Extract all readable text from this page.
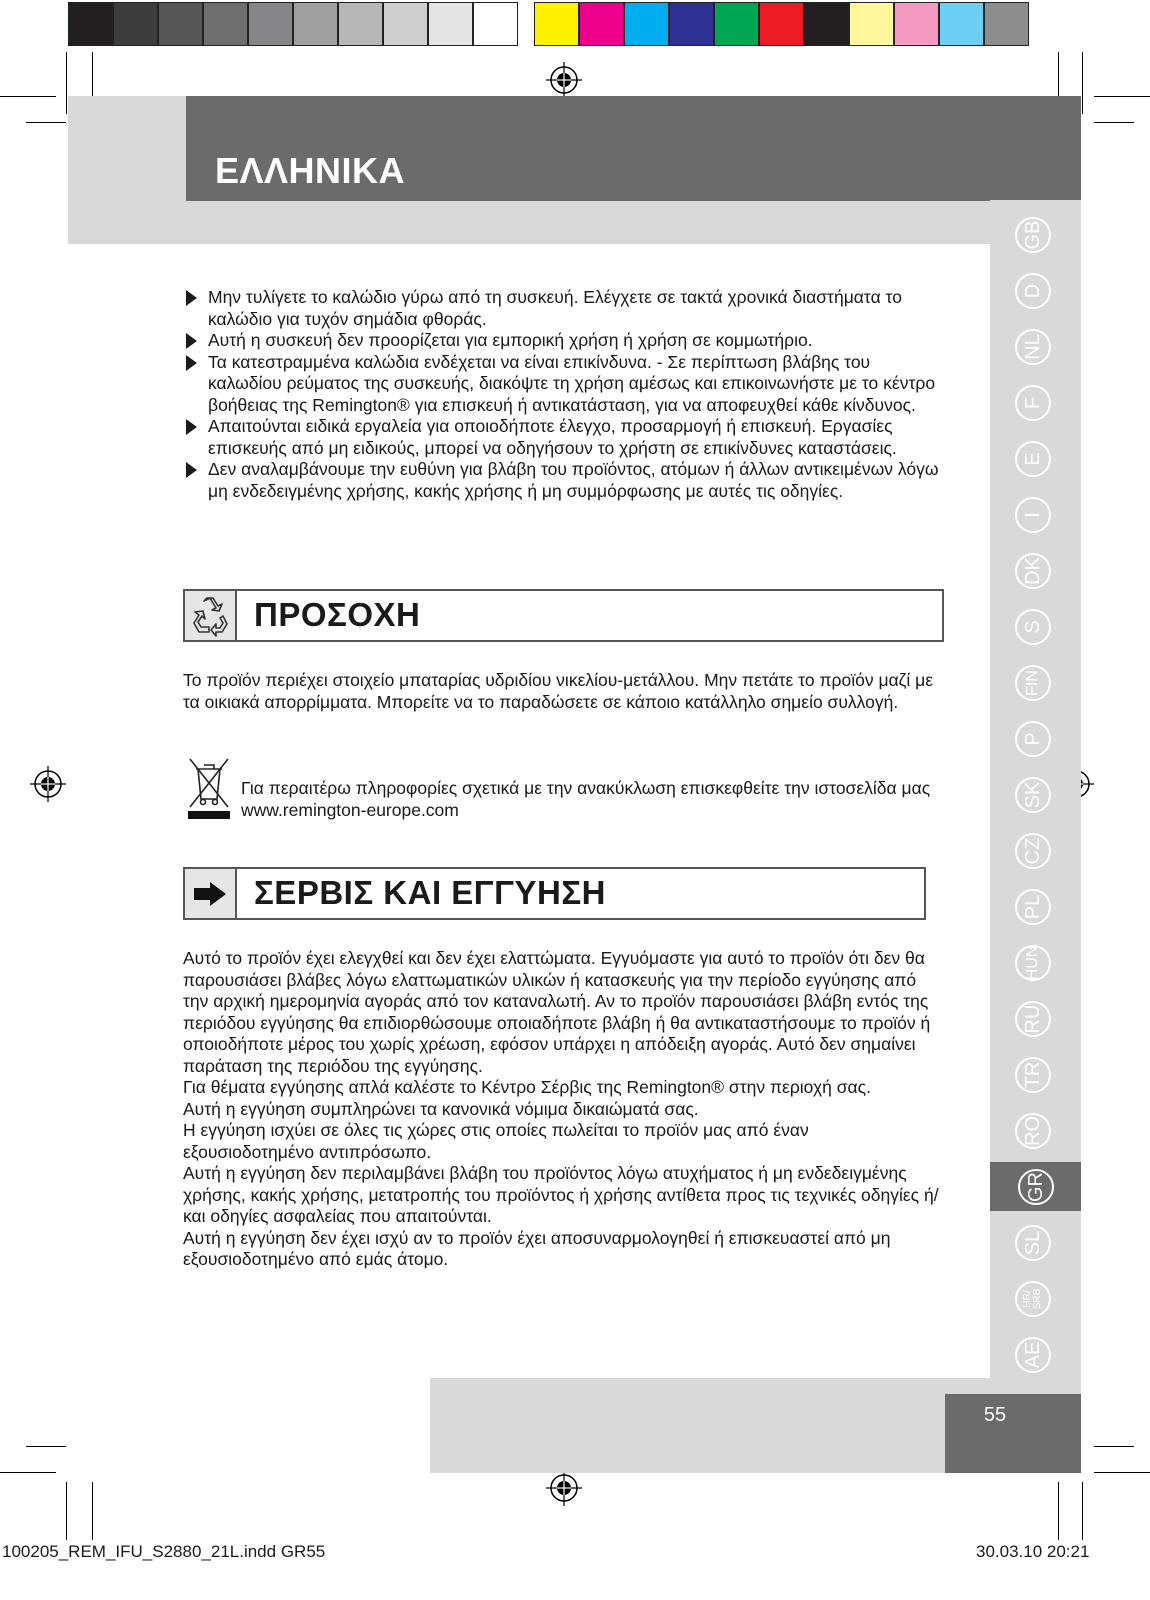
ΕΛΛΗΝΙΚΑ
GB
D
NL
F
E
I
DK
S
FIN
P
SK
CZ
PL
HUN
RU
TR
RO
GR
SL
HR/
SRB
AE
55
Μην τυλίγετε το καλώδιο γύρω από τη συσκευή. Ελέγχετε σε τακτά χρονικά διαστήματα το καλώδιο για τυχόν σημάδια φθοράς.
Αυτή η συσκευή δεν προορίζεται για εμπορική χρήση ή χρήση σε κομμωτήριο.
Τα κατεστραμμένα καλώδια ενδέχεται να είναι επικίνδυνα. - Σε περίπτωση βλάβης του καλωδίου ρεύματος της συσκευής, διακόψτε τη χρήση αμέσως και επικοινωνήστε με το κέντρο βοήθειας της Remington® για επισκευή ή αντικατάσταση, για να αποφευχθεί κάθε κίνδυνος.
Απαιτούνται ειδικά εργαλεία για οποιοδήποτε έλεγχο, προσαρμογή ή επισκευή. Εργασίες επισκευής από μη ειδικούς, μπορεί να οδηγήσουν το χρήστη σε επικίνδυνες καταστάσεις.
Δεν αναλαμβάνουμε την ευθύνη για βλάβη του προϊόντος, ατόμων ή άλλων αντικειμένων λόγω μη ενδεδειγμένης χρήσης, κακής χρήσης ή μη συμμόρφωσης με αυτές τις οδηγίες.
ΠΡΟΣΟΧΗ
Το προϊόν περιέχει στοιχείο μπαταρίας υδριδίου νικελίου-μετάλλου. Μην πετάτε το προϊόν μαζί με τα οικιακά απορρίμματα. Μπορείτε να το παραδώσετε σε κάποιο κατάλληλο σημείο συλλογή.
Για περαιτέρω πληροφορίες σχετικά με την ανακύκλωση επισκεφθείτε την ιστοσελίδα μας www.remington-europe.com
ΣΕΡΒΙΣ ΚΑΙ ΕΓΓΥΗΣΗ
Αυτό το προϊόν έχει ελεγχθεί και δεν έχει ελαττώματα. Εγγυόμαστε για αυτό το προϊόν ότι δεν θα παρουσιάσει βλάβες λόγω ελαττωματικών υλικών ή κατασκευής για την περίοδο εγγύησης από την αρχική ημερομηνία αγοράς από τον καταναλωτή. Αν το προϊόν παρουσιάσει βλάβη εντός της περιόδου εγγύησης θα επιδιορθώσουμε οποιαδήποτε βλάβη ή θα αντικαταστήσουμε το προϊόν ή οποιοδήποτε μέρος του χωρίς χρέωση, εφόσον υπάρχει η απόδειξη αγοράς. Αυτό δεν σημαίνει παράταση της περιόδου της εγγύησης.
Για θέματα εγγύησης απλά καλέστε το Κέντρο Σέρβις της Remington® στην περιοχή σας.
Αυτή η εγγύηση συμπληρώνει τα κανονικά νόμιμα δικαιώματά σας.
Η εγγύηση ισχύει σε όλες τις χώρες στις οποίες πωλείται το προϊόν μας από έναν εξουσιοδοτημένο αντιπρόσωπο.
Αυτή η εγγύηση δεν περιλαμβάνει βλάβη του προϊόντος λόγω ατυχήματος ή μη ενδεδειγμένης χρήσης, κακής χρήσης, μετατροπής του προϊόντος ή χρήσης αντίθετα προς τις τεχνικές οδηγίες ή/και οδηγίες ασφαλείας που απαιτούνται.
Αυτή η εγγύηση δεν έχει ισχύ αν το προϊόν έχει αποσυναρμολογηθεί ή επισκευαστεί από μη εξουσιοδοτημένο από εμάς άτομο.
100205_REM_IFU_S2880_21L.indd GR55	30.03.10 20:21
